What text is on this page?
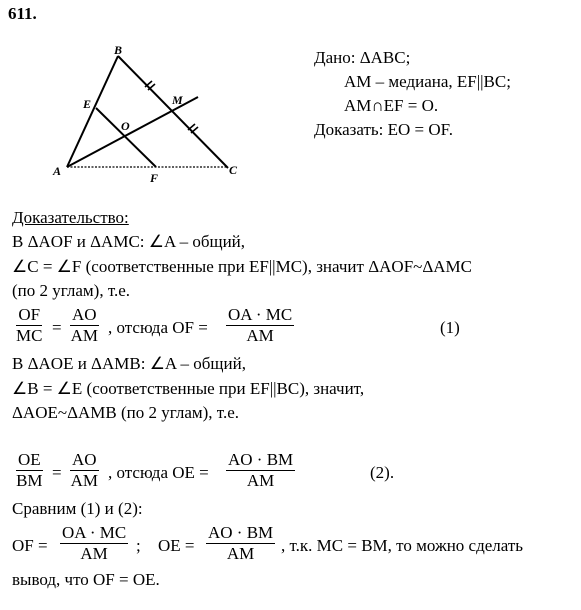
611.
B
E	M
O
A	F
C
Дано: ΔABC;
AM – медиана, EF||BC;
AM∩EF = O.
Доказать: EO = OF.
Доказательство:
В ΔAOF и ΔAMC: ∠A – общий,
∠C = ∠F (соответственные при EF||MC), значит ΔAOF~ΔAMC
(по 2 углам), т.е.
$\frac{OF}{MC} = \frac{AO}{AM}$ , отсюда OF = $\frac{OA \cdot MC}{AM}$	(1)
В ΔAOE и ΔAMB: ∠A – общий,
∠B = ∠E (соответственные при EF||BC), значит,
ΔAOE~ΔAMB (по 2 углам), т.е.
$\frac{OE}{BM} = \frac{AO}{AM}$ , отсюда OE = $\frac{AO \cdot BM}{AM}$	(2).
Сравним (1) и (2):
OF = $\frac{OA \cdot MC}{AM}$ ; OE = $\frac{AO \cdot BM}{AM}$ , т.к. MC = BM, то можно сделать
вывод, что OF = OE.
